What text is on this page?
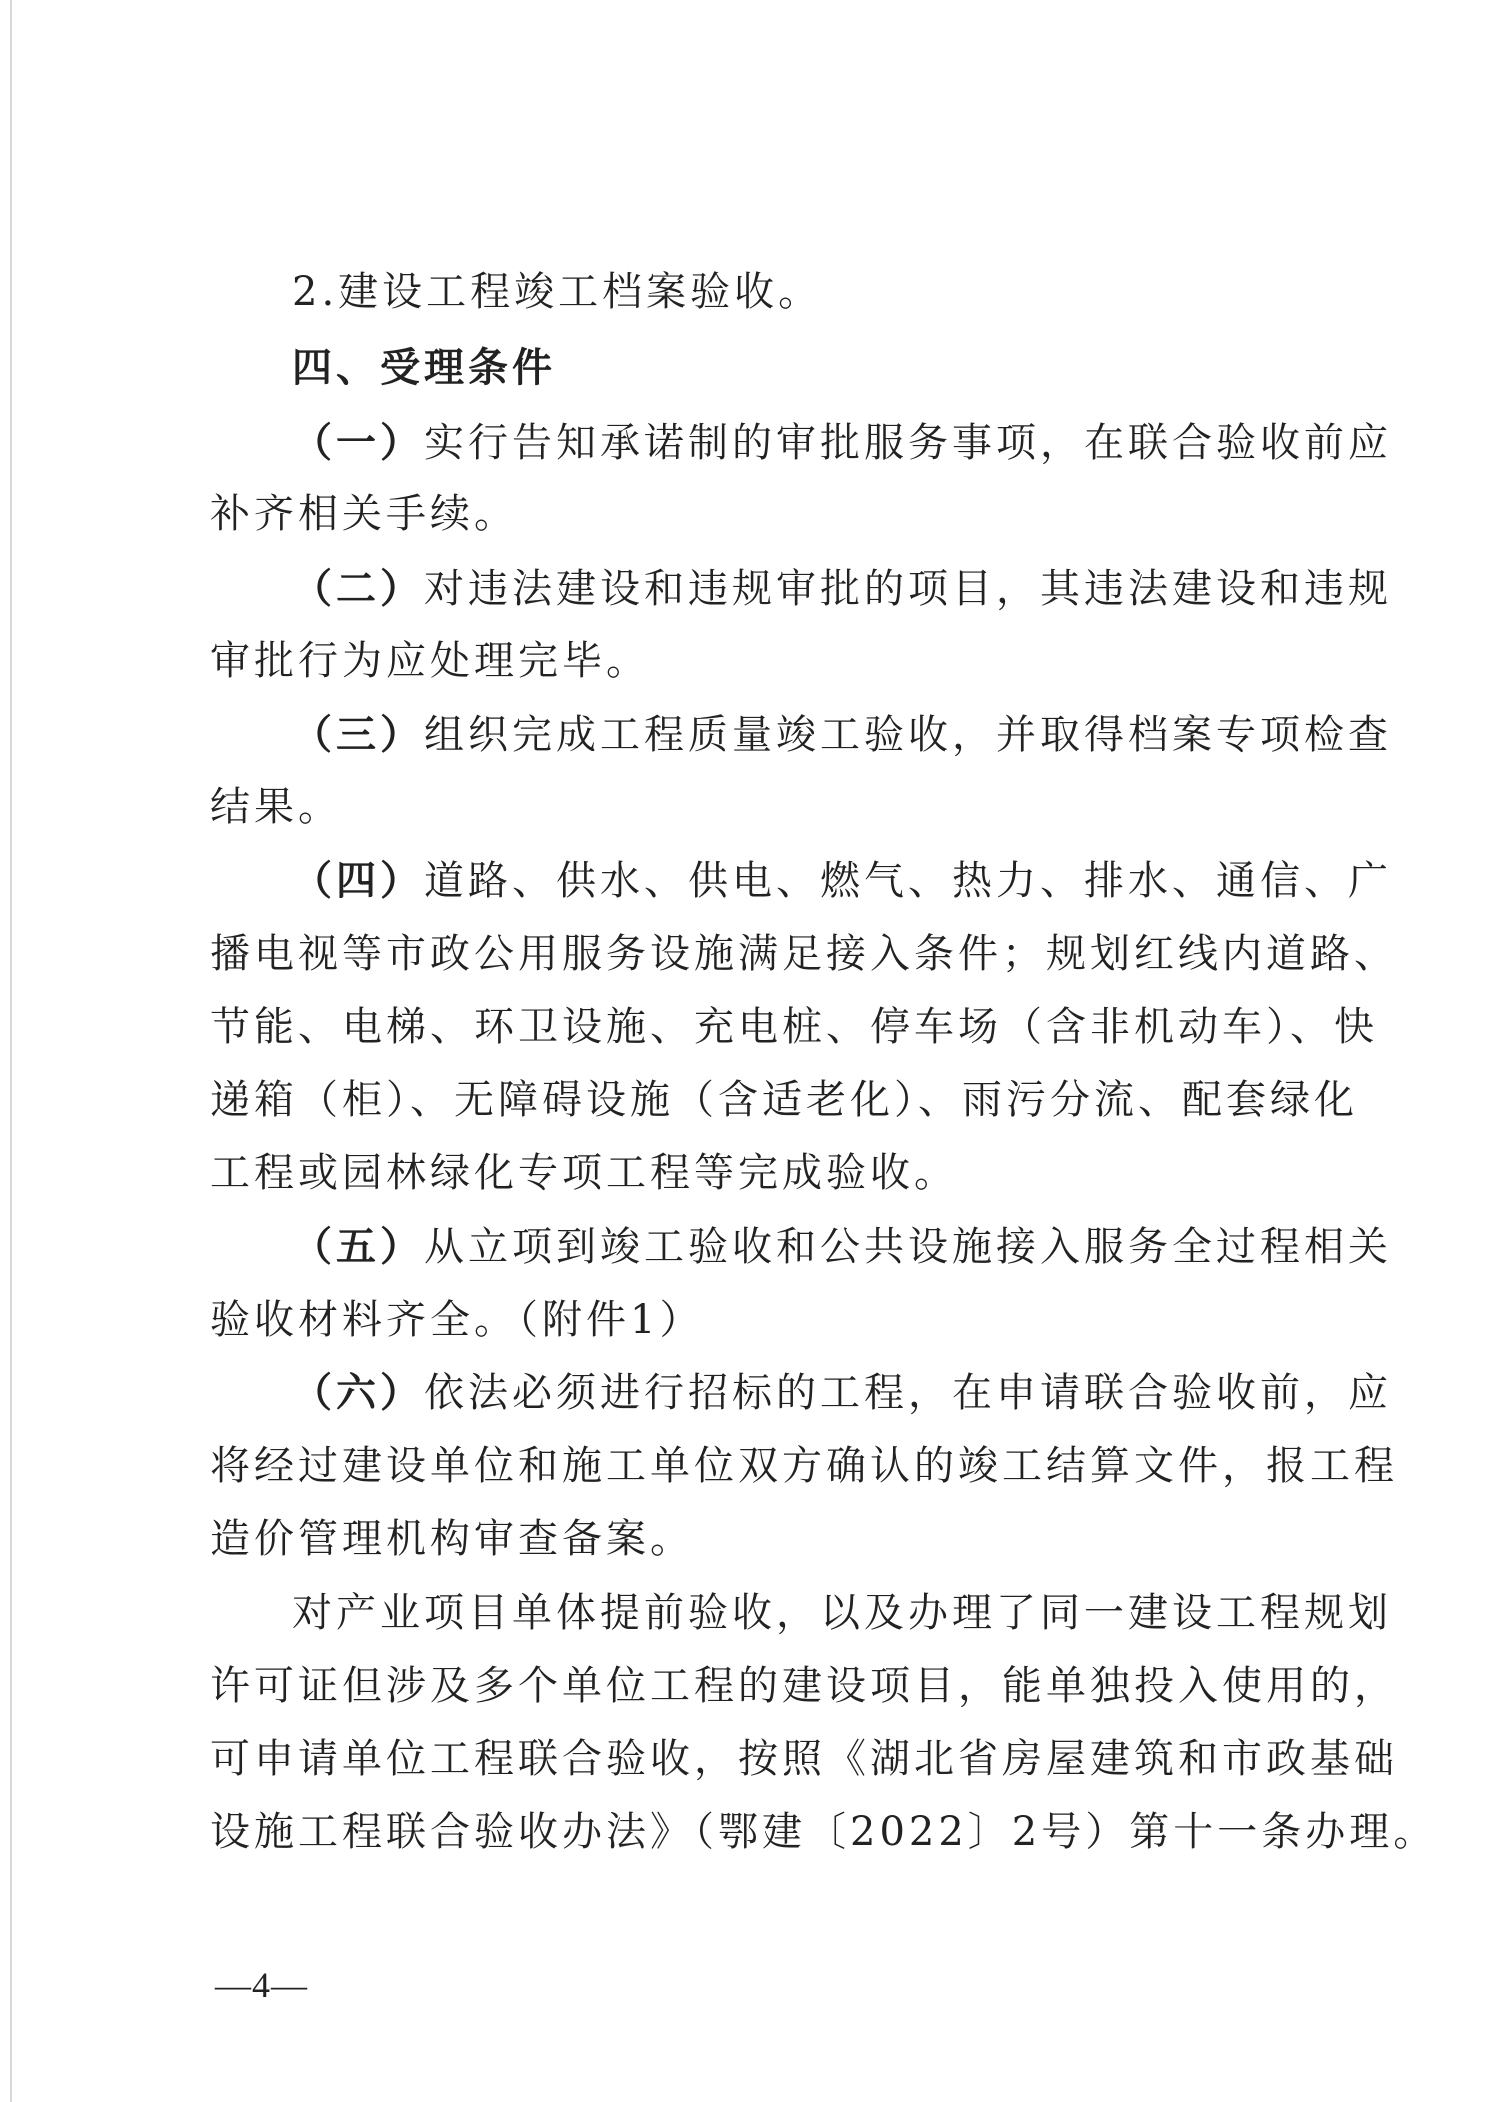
2.建设工程竣工档案验收。
四、受理条件
（一）实行告知承诺制的审批服务事项，在联合验收前应
补齐相关手续。
（二）对违法建设和违规审批的项目，其违法建设和违规
审批行为应处理完毕。
（三）组织完成工程质量竣工验收，并取得档案专项检查
结果。
（四）道路、供水、供电、燃气、热力、排水、通信、广
播电视等市政公用服务设施满足接入条件；规划红线内道路、
节能、电梯、环卫设施、充电桩、停车场（含非机动车）、快
递箱（柜）、无障碍设施（含适老化）、雨污分流、配套绿化
工程或园林绿化专项工程等完成验收。
（五）从立项到竣工验收和公共设施接入服务全过程相关
验收材料齐全。（附件1）
（六）依法必须进行招标的工程，在申请联合验收前，应
将经过建设单位和施工单位双方确认的竣工结算文件，报工程
造价管理机构审查备案。
对产业项目单体提前验收，以及办理了同一建设工程规划
许可证但涉及多个单位工程的建设项目，能单独投入使用的，
可申请单位工程联合验收，按照《湖北省房屋建筑和市政基础
设施工程联合验收办法》（鄂建〔2022〕2号）第十一条办理。
—4—
